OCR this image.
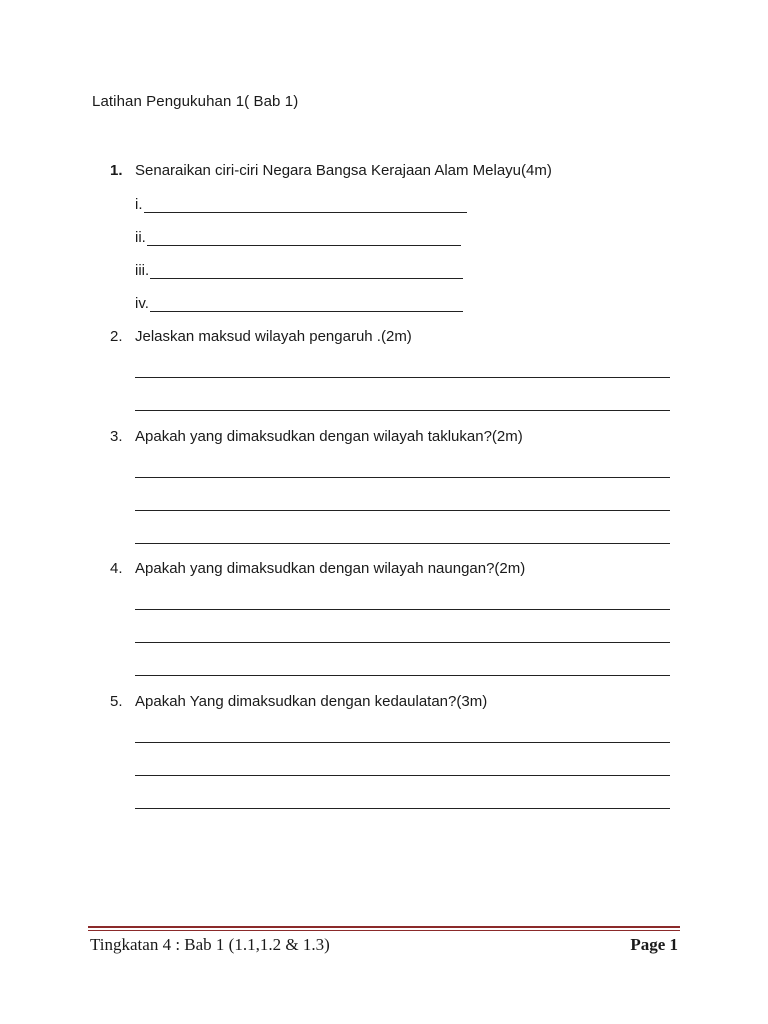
Latihan Pengukuhan 1( Bab 1)
1. Senaraikan ciri-ciri Negara Bangsa Kerajaan Alam Melayu(4m)
i.
ii.
iii.
iv.
2. Jelaskan maksud wilayah pengaruh .(2m)
3. Apakah yang dimaksudkan dengan wilayah taklukan?(2m)
4. Apakah yang dimaksudkan dengan wilayah naungan?(2m)
5. Apakah Yang dimaksudkan dengan kedaulatan?(3m)
Tingkatan 4 : Bab 1 (1.1,1.2 & 1.3)	Page 1
